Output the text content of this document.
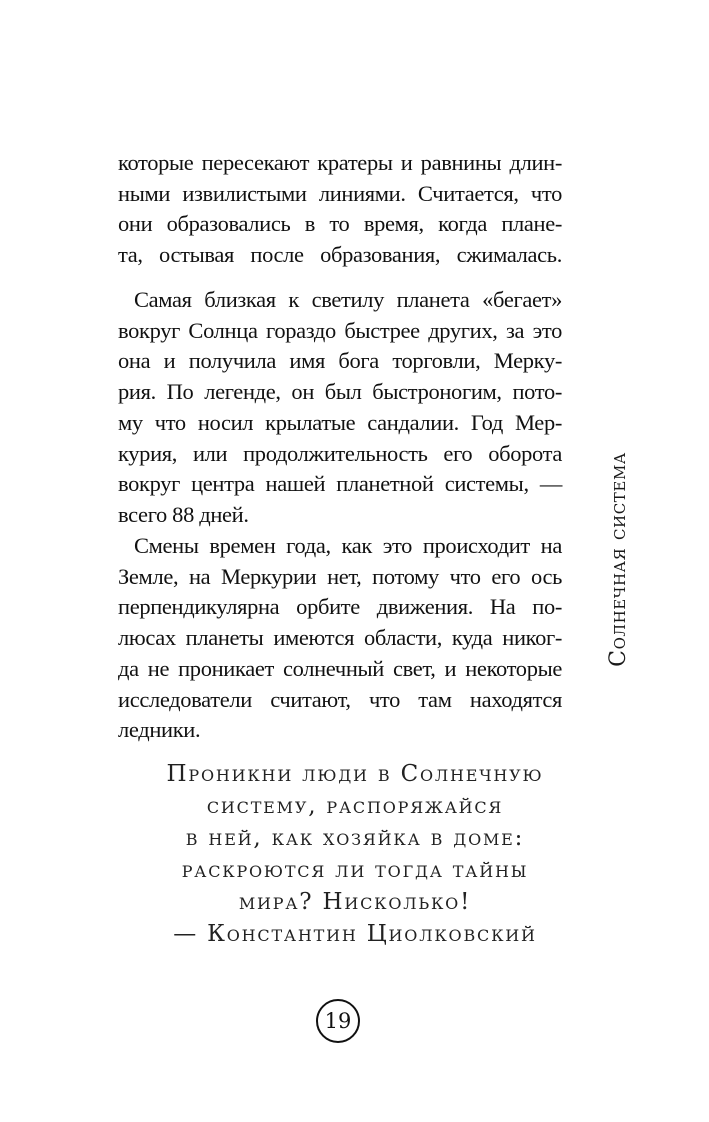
которые пересекают кратеры и равнины длин-
ными извилистыми линиями. Считается, что
они образовались в то время, когда плане-
та, остывая после образования, сжималась.

Самая близкая к светилу планета «бегает»
вокруг Солнца гораздо быстрее других, за это
она и получила имя бога торговли, Мерку-
рия. По легенде, он был быстроногим, пото-
му что носил крылатые сандалии. Год Мер-
курия, или продолжительность его оборота
вокруг центра нашей планетной системы, —
всего 88 дней.

Смены времен года, как это происходит на
Земле, на Меркурии нет, потому что его ось
перпендикулярна орбите движения. На по-
люсах планеты имеются области, куда никог-
да не проникает солнечный свет, и некоторые
исследователи считают, что там находятся
ледники.

Солнечная система
Проникни люди в Солнечную
систему, распоряжайся
в ней, как хозяйка в доме:
раскроются ли тогда тайны
мира? Нисколько!
— Константин Циолковский
19
